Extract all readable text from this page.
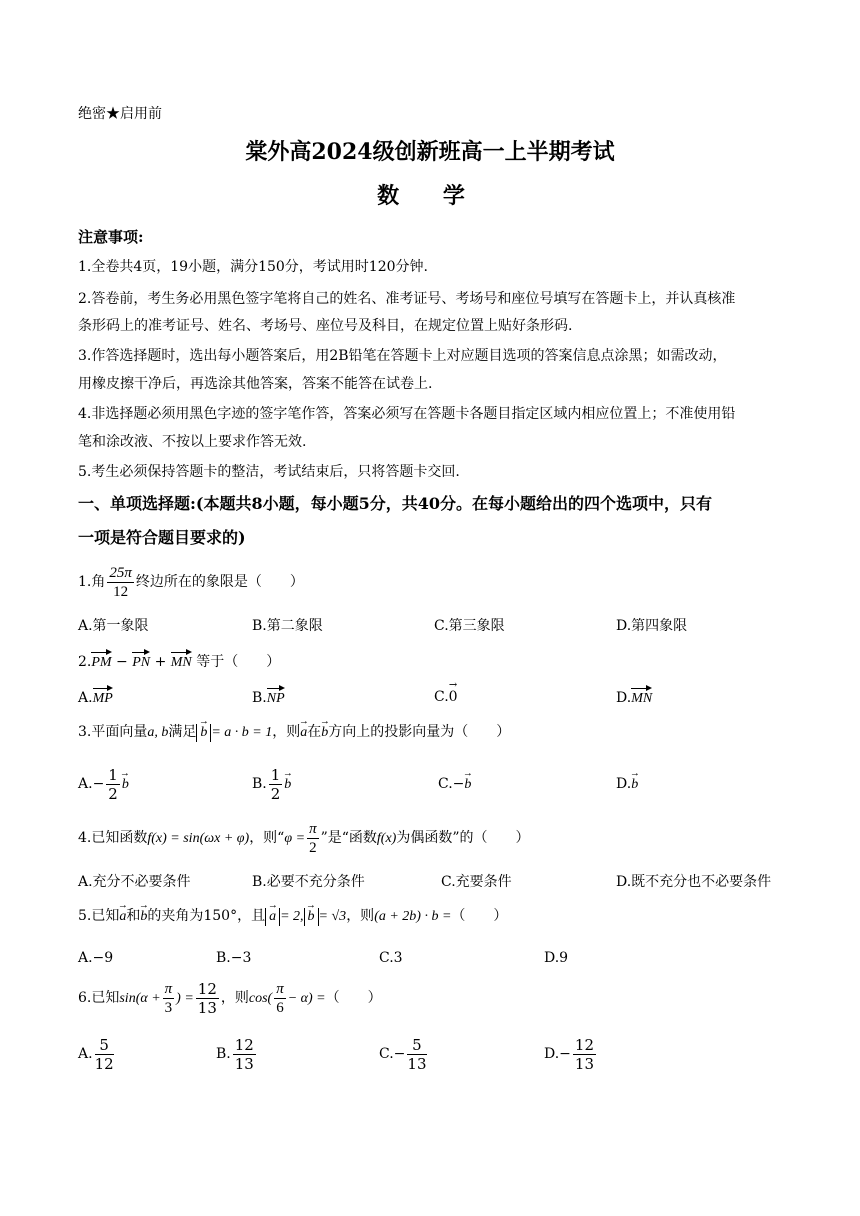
绝密★启用前
棠外高2024级创新班高一上半期考试
数 学
注意事项:
1.全卷共4页，19小题，满分150分，考试用时120分钟.
2.答卷前，考生务必用黑色签字笔将自己的姓名、准考证号、考场号和座位号填写在答题卡上，并认真核准
条形码上的准考证号、姓名、考场号、座位号及科目，在规定位置上贴好条形码.
3.作答选择题时，选出每小题答案后，用2B铅笔在答题卡上对应题目选项的答案信息点涂黑；如需改动，
用橡皮擦干净后，再选涂其他答案，答案不能答在试卷上.
4.非选择题必须用黑色字迹的签字笔作答，答案必须写在答题卡各题目指定区域内相应位置上；不准使用铅
笔和涂改液、不按以上要求作答无效.
5.考生必须保持答题卡的整洁，考试结束后，只将答题卡交回.
一、单项选择题:(本题共8小题，每小题5分，共40分。在每小题给出的四个选项中，只有
一项是符合题目要求的)
1.角 $\frac{25\pi}{12}$ 终边所在的象限是（　　）
A.第一象限	B.第二象限	C.第三象限	D.第四象限
2.PM − PN + MN 等于（　　）
A.MP	B.NP	C.→ 0	D.MN
3.平面向量a, b满足→ b = a · b = 1，则→ a在→ b方向上的投影向量为（　　）
$A.- \frac{1}{2}$
→ b	B. $\frac{1}{2}$
→ b	C.−→ b	D.→ b
4.已知函数f(x) = sin(ωx + φ)，则“$\varphi = \frac{\pi}{2}$ ”是“函数f(x)为偶函数”的（　　）
A.充分不必要条件	B.必要不充分条件	C.充要条件	D.既不充分也不必要条件
5.已知→ a和→ b的夹角为150°，且→ a = 2,→ b = √3，则(a + 2b) · b =（　　）
A.−9	B.−3	C.3	D.9
6.已知$\sin(\alpha + \frac{\pi}{3}$ ) = $\frac{12}{13}$ ，则$\cos( \frac{\pi}{6} - \alpha)$ =（　　）
A. $\frac{5}{12}$	B. $\frac{12}{13}$	$C.- \frac{5}{13}$	$D.- \frac{12}{13}$
